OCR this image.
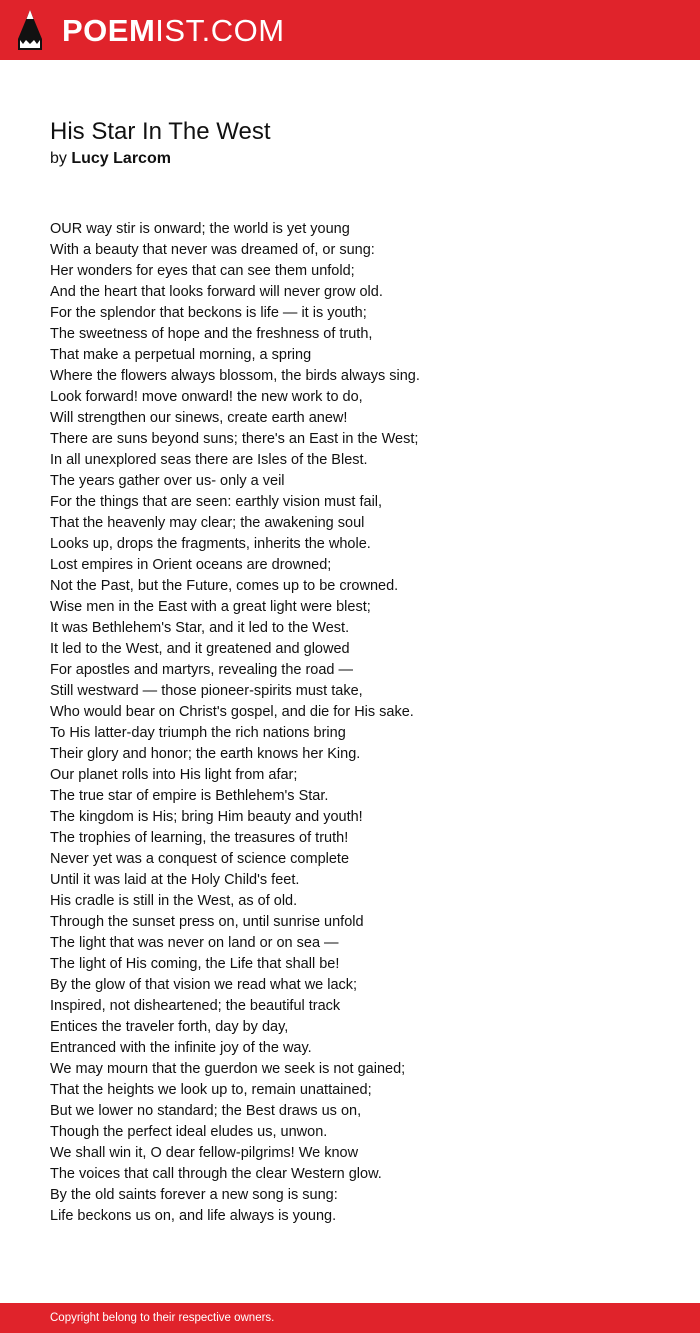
POEMIST.COM
His Star In The West
by Lucy Larcom
OUR way stir is onward; the world is yet young
With a beauty that never was dreamed of, or sung:
Her wonders for eyes that can see them unfold;
And the heart that looks forward will never grow old.
For the splendor that beckons is life — it is youth;
The sweetness of hope and the freshness of truth,
That make a perpetual morning, a spring
Where the flowers always blossom, the birds always sing.
Look forward! move onward! the new work to do,
Will strengthen our sinews, create earth anew!
There are suns beyond suns; there's an East in the West;
In all unexplored seas there are Isles of the Blest.
The years gather over us- only a veil
For the things that are seen: earthly vision must fail,
That the heavenly may clear; the awakening soul
Looks up, drops the fragments, inherits the whole.
Lost empires in Orient oceans are drowned;
Not the Past, but the Future, comes up to be crowned.
Wise men in the East with a great light were blest;
It was Bethlehem's Star, and it led to the West.
It led to the West, and it greatened and glowed
For apostles and martyrs, revealing the road —
Still westward — those pioneer-spirits must take,
Who would bear on Christ's gospel, and die for His sake.
To His latter-day triumph the rich nations bring
Their glory and honor; the earth knows her King.
Our planet rolls into His light from afar;
The true star of empire is Bethlehem's Star.
The kingdom is His; bring Him beauty and youth!
The trophies of learning, the treasures of truth!
Never yet was a conquest of science complete
Until it was laid at the Holy Child's feet.
His cradle is still in the West, as of old.
Through the sunset press on, until sunrise unfold
The light that was never on land or on sea —
The light of His coming, the Life that shall be!
By the glow of that vision we read what we lack;
Inspired, not disheartened; the beautiful track
Entices the traveler forth, day by day,
Entranced with the infinite joy of the way.
We may mourn that the guerdon we seek is not gained;
That the heights we look up to, remain unattained;
But we lower no standard; the Best draws us on,
Though the perfect ideal eludes us, unwon.
We shall win it, O dear fellow-pilgrims! We know
The voices that call through the clear Western glow.
By the old saints forever a new song is sung:
Life beckons us on, and life always is young.
Copyright belong to their respective owners.
